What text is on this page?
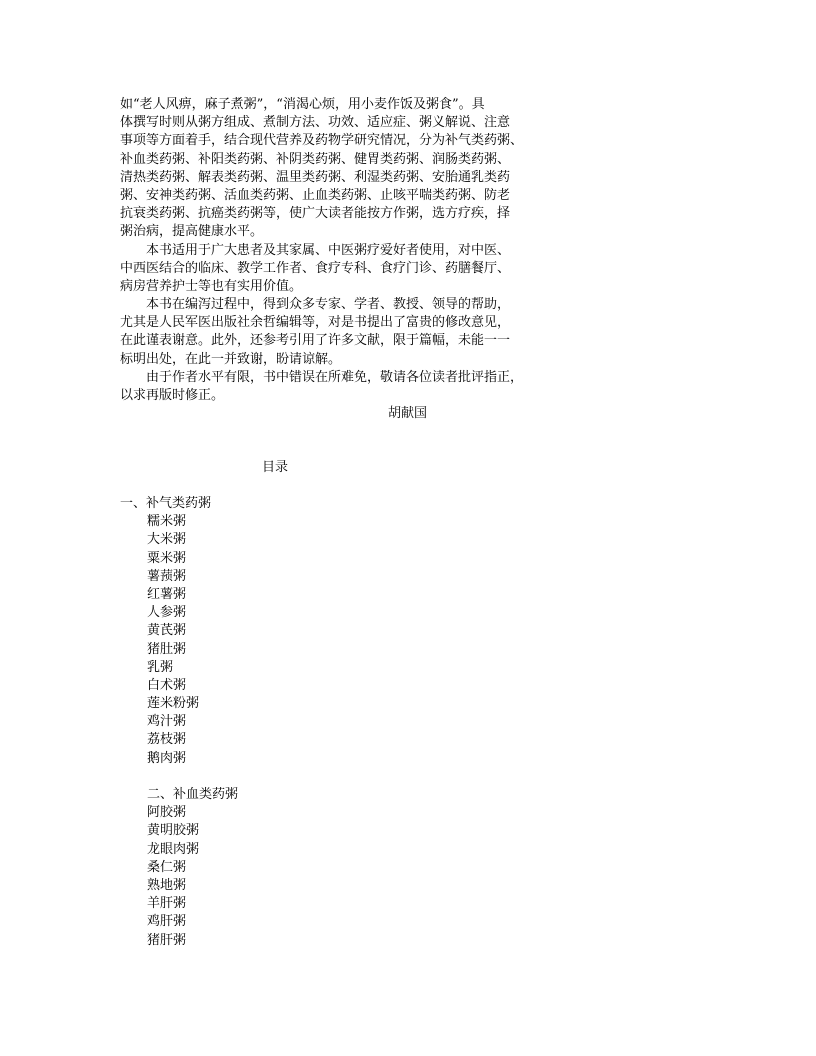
如“老人风痹，麻子煮粥”，“消渴心烦，用小麦作饭及粥食”。具
体撰写时则从粥方组成、煮制方法、功效、适应症、粥义解说、注意
事项等方面着手，结合现代营养及药物学研究情况，分为补气类药粥、
补血类药粥、补阳类药粥、补阴类药粥、健胃类药粥、润肠类药粥、
清热类药粥、解表类药粥、温里类药粥、利湿类药粥、安胎通乳类药
粥、安神类药粥、活血类药粥、止血类药粥、止咳平喘类药粥、防老
抗衰类药粥、抗癌类药粥等，使广大读者能按方作粥，选方疗疾，择
粥治病，提高健康水平。
本书适用于广大患者及其家属、中医粥疗爱好者使用，对中医、
中西医结合的临床、教学工作者、食疗专科、食疗门诊、药膳餐厅、
病房营养护士等也有实用价值。
本书在编泻过程中，得到众多专家、学者、教授、领导的帮助，
尤其是人民军医出版社余哲编辑等，对是书提出了富贵的修改意见，
在此谨表谢意。此外，还参考引用了许多文献，限于篇幅，未能一一
标明出处，在此一并致谢，盼请谅解。
由于作者水平有限，书中错误在所难免，敬请各位读者批评指正，
以求再版时修正。
胡献国
目录
一、补气类药粥
糯米粥
大米粥
粟米粥
薯蓣粥
红薯粥
人参粥
黄芪粥
猪肚粥
乳粥
白术粥
莲米粉粥
鸡汁粥
荔枝粥
鹅肉粥
二、补血类药粥
阿胶粥
黄明胶粥
龙眼肉粥
桑仁粥
熟地粥
羊肝粥
鸡肝粥
猪肝粥
